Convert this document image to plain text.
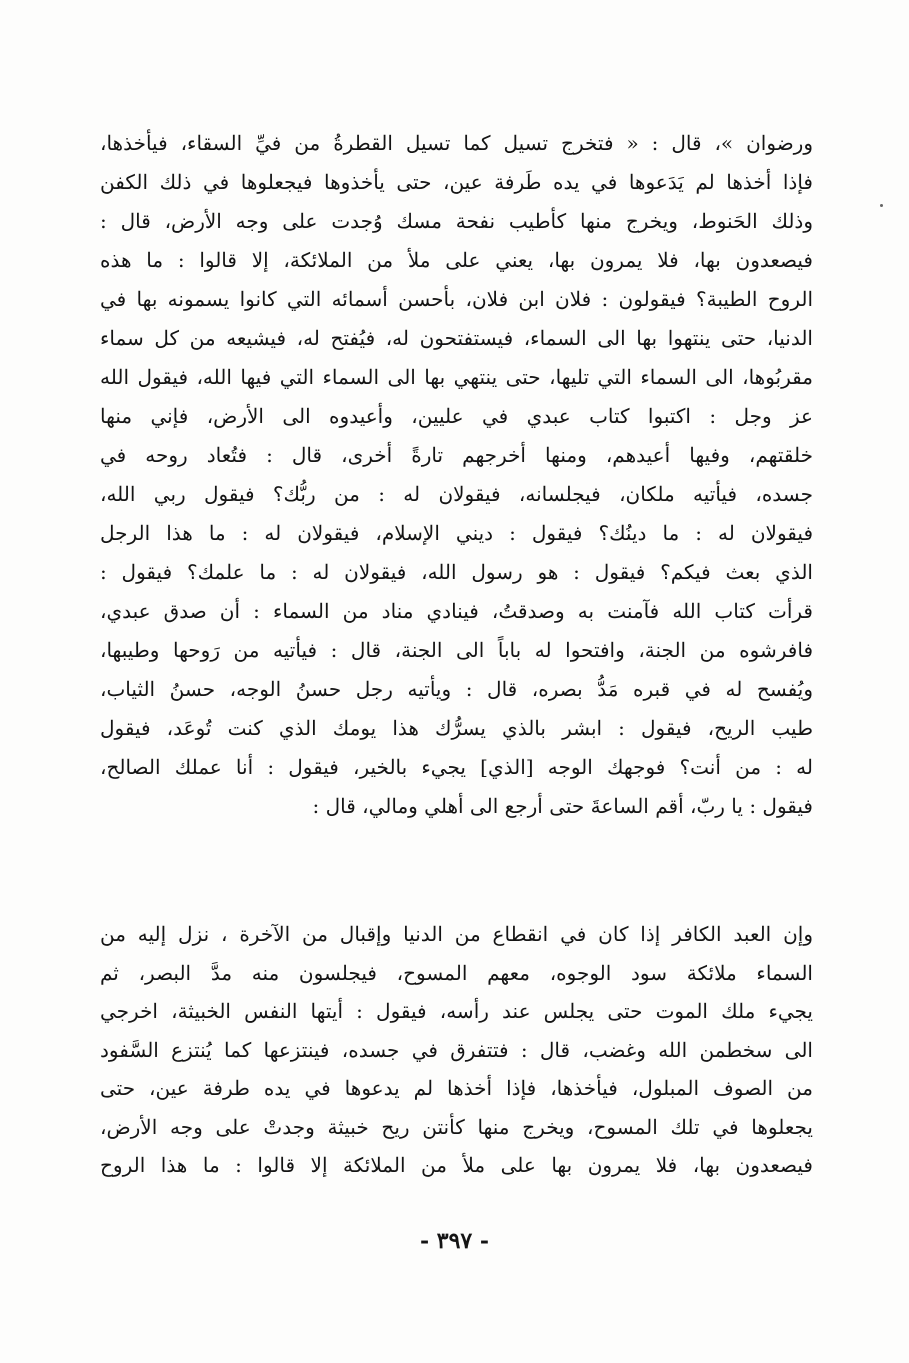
ورضوان »، قال : « فتخرج تسيل كما تسيل القطرةُ من فيِّ السقاء، فيأخذها،
فإذا أخذها لم يَدَعوها في يده طَرفة عين، حتى يأخذوها فيجعلوها في ذلك الكفن
وذلك الحَنوط، ويخرج منها كأطيب نفحة مسك وُجدت على وجه الأرض، قال :
فيصعدون بها، فلا يمرون بها، يعني على ملأ من الملائكة، إلا قالوا : ما هذه
الروح الطيبة؟ فيقولون : فلان ابن فلان، بأحسن أسمائه التي كانوا يسمونه بها في
الدنيا، حتى ينتهوا بها الى السماء، فيستفتحون له، فيُفتح له، فيشيعه من كل سماء
مقربُوها، الى السماء التي تليها، حتى ينتهي بها الى السماء التي فيها الله، فيقول الله
عز وجل : اكتبوا كتاب عبدي في عليين، وأعيدوه الى الأرض، فإني منها
خلقتهم، وفيها أعيدهم، ومنها أخرجهم تارةً أخرى، قال : فتُعاد روحه في
جسده، فيأتيه ملكان، فيجلسانه، فيقولان له : من ربُّك؟ فيقول ربي الله،
فيقولان له : ما دينُك؟ فيقول : ديني الإسلام، فيقولان له : ما هذا الرجل
الذي بعث فيكم؟ فيقول : هو رسول الله، فيقولان له : ما علمك؟ فيقول :
قرأت كتاب الله فآمنت به وصدقتُ، فينادي مناد من السماء : أن صدق عبدي،
فافرشوه من الجنة، وافتحوا له باباً الى الجنة، قال : فيأتيه من رَوحها وطيبها،
ويُفسح له في قبره مَدُّ بصره، قال : ويأتيه رجل حسنُ الوجه، حسنُ الثياب،
طيب الريح، فيقول : ابشر بالذي يسرُّك هذا يومك الذي كنت تُوعَد، فيقول
له : من أنت؟ فوجهك الوجه [الذي] يجيء بالخير، فيقول : أنا عملك الصالح،
فيقول : يا ربّ، أقم الساعةَ حتى أرجع الى أهلي ومالي، قال :
وإن العبد الكافر إذا كان في انقطاع من الدنيا وإقبال من الآخرة ، نزل إليه من
السماء ملائكة سود الوجوه، معهم المسوح، فيجلسون منه مدَّ البصر، ثم
يجيء ملك الموت حتى يجلس عند رأسه، فيقول : أيتها النفس الخبيثة، اخرجي
الى سخطمن الله وغضب، قال : فتتفرق في جسده، فينتزعها كما يُنتزع السَّفود
من الصوف المبلول، فيأخذها، فإذا أخذها لم يدعوها في يده طرفة عين، حتى
يجعلوها في تلك المسوح، ويخرج منها كأنتن ريح خبيثة وجدتْ على وجه الأرض،
فيصعدون بها، فلا يمرون بها على ملأ من الملائكة إلا قالوا : ما هذا الروح
- ٣٩٧ -
